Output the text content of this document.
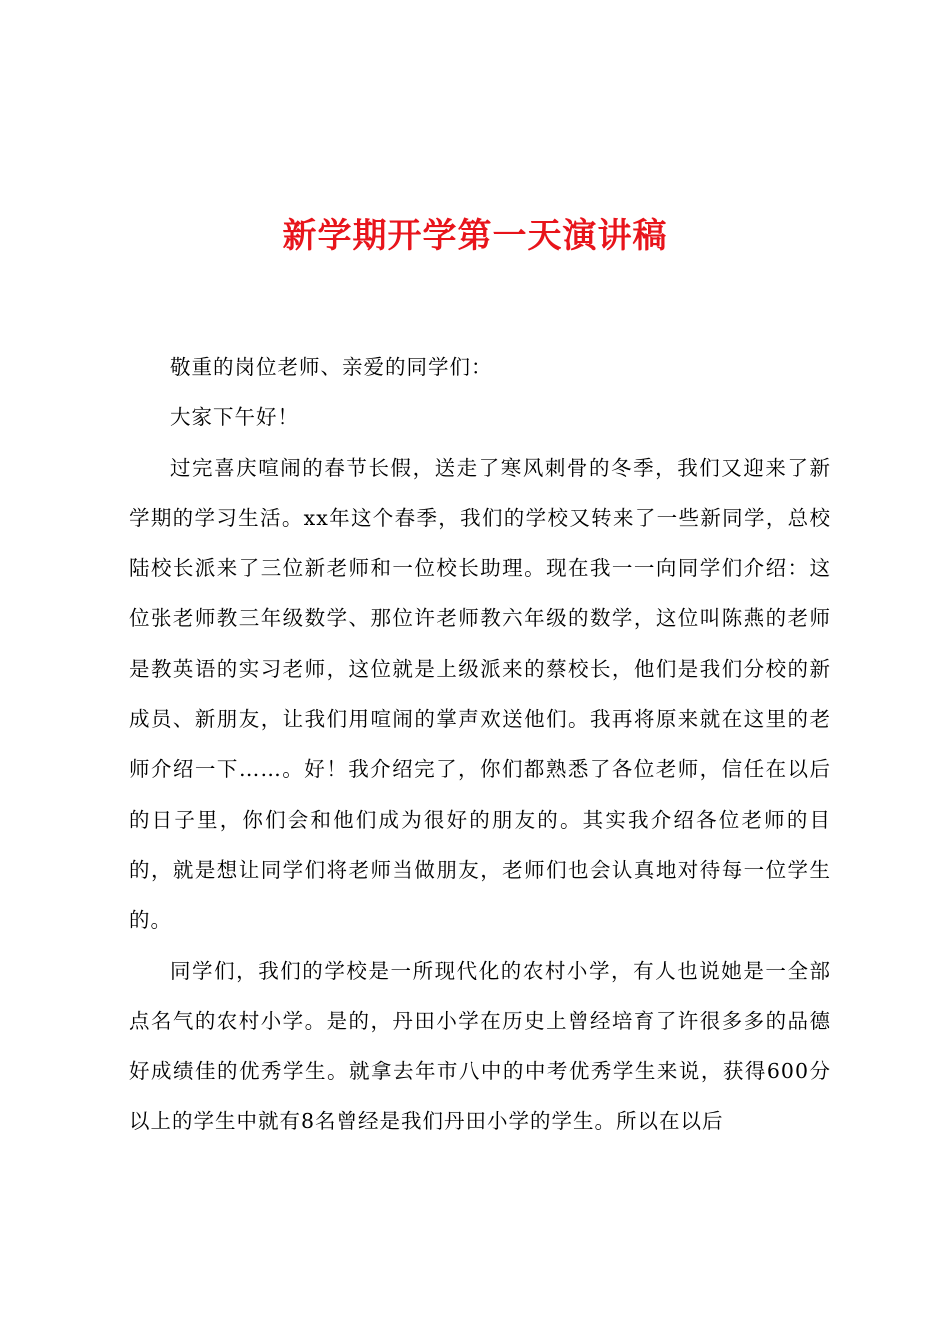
新学期开学第一天演讲稿

敬重的岗位老师、亲爱的同学们：

大家下午好！

过完喜庆喧闹的春节长假，送走了寒风刺骨的冬季，我们又迎来了新学期的学习生活。xx年这个春季，我们的学校又转来了一些新同学，总校陆校长派来了三位新老师和一位校长助理。现在我一一向同学们介绍：这位张老师教三年级数学、那位许老师教六年级的数学，这位叫陈燕的老师是教英语的实习老师，这位就是上级派来的蔡校长，他们是我们分校的新成员、新朋友，让我们用喧闹的掌声欢送他们。我再将原来就在这里的老师介绍一下……。好！我介绍完了，你们都熟悉了各位老师，信任在以后的日子里，你们会和他们成为很好的朋友的。其实我介绍各位老师的目的，就是想让同学们将老师当做朋友，老师们也会认真地对待每一位学生的。

同学们，我们的学校是一所现代化的农村小学，有人也说她是一全部点名气的农村小学。是的，丹田小学在历史上曾经培育了许很多多的品德好成绩佳的优秀学生。就拿去年市八中的中考优秀学生来说，获得600分以上的学生中就有8名曾经是我们丹田小学的学生。所以在以后
